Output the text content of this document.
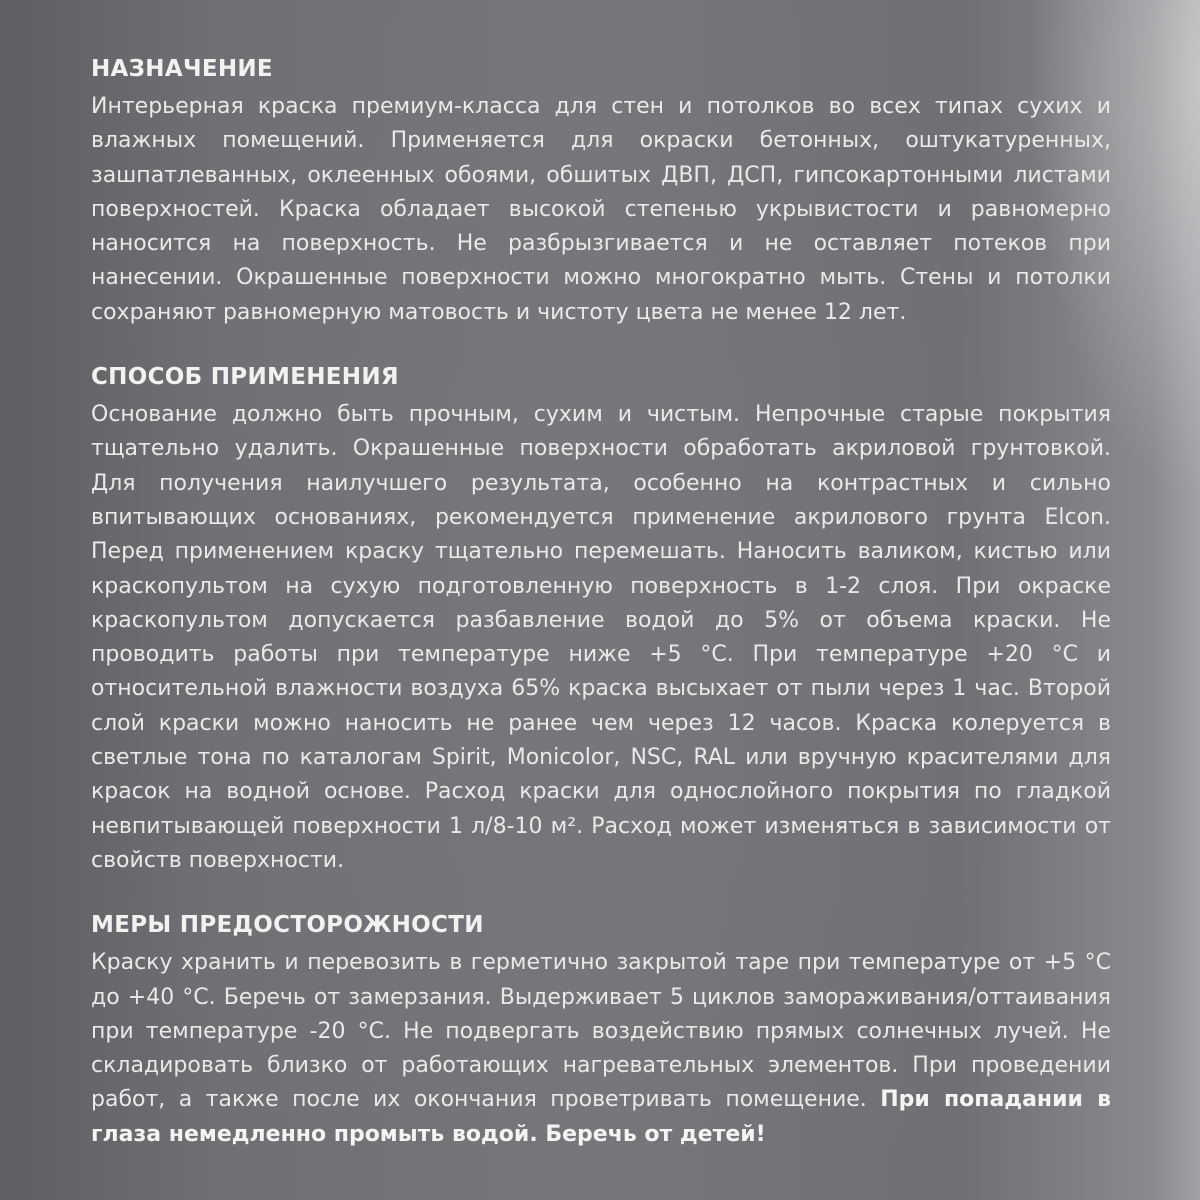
НАЗНАЧЕНИЕ

Интерьерная краска премиум-класса для стен и потолков во всех типах сухих и влажных помещений. Применяется для окраски бетонных, оштукатуренных, зашпатлеванных, оклеенных обоями, обшитых ДВП, ДСП, гипсокартонными листами поверхностей. Краска обладает высокой степенью укрывистости и равномерно наносится на поверхность. Не разбрызгивается и не оставляет потеков при нанесении. Окрашенные поверхности можно многократно мыть. Стены и потолки сохраняют равномерную матовость и чистоту цвета не менее 12 лет.

СПОСОБ ПРИМЕНЕНИЯ

Основание должно быть прочным, сухим и чистым. Непрочные старые покрытия тщательно удалить. Окрашенные поверхности обработать акриловой грунтовкой. Для получения наилучшего результата, особенно на контрастных и сильно впитывающих основаниях, рекомендуется применение акрилового грунта Elcon. Перед применением краску тщательно перемешать. Наносить валиком, кистью или краскопультом на сухую подготовленную поверхность в 1-2 слоя. При окраске краскопультом допускается разбавление водой до 5% от объема краски. Не проводить работы при температуре ниже +5 °С. При температуре +20 °С и относительной влажности воздуха 65% краска высыхает от пыли через 1 час. Второй слой краски можно наносить не ранее чем через 12 часов. Краска колеруется в светлые тона по каталогам Spirit, Monicolor, NSC, RAL или вручную красителями для красок на водной основе. Расход краски для однослойного покрытия по гладкой невпитывающей поверхности 1 л/8-10 м². Расход может изменяться в зависимости от свойств поверхности.

МЕРЫ ПРЕДОСТОРОЖНОСТИ

Краску хранить и перевозить в герметично закрытой таре при температуре от +5 °С до +40 °С. Беречь от замерзания. Выдерживает 5 циклов замораживания/оттаивания при температуре -20 °С. Не подвергать воздействию прямых солнечных лучей. Не складировать близко от работающих нагревательных элементов. При проведении работ, а также после их окончания проветривать помещение. При попадании в глаза немедленно промыть водой. Беречь от детей!
